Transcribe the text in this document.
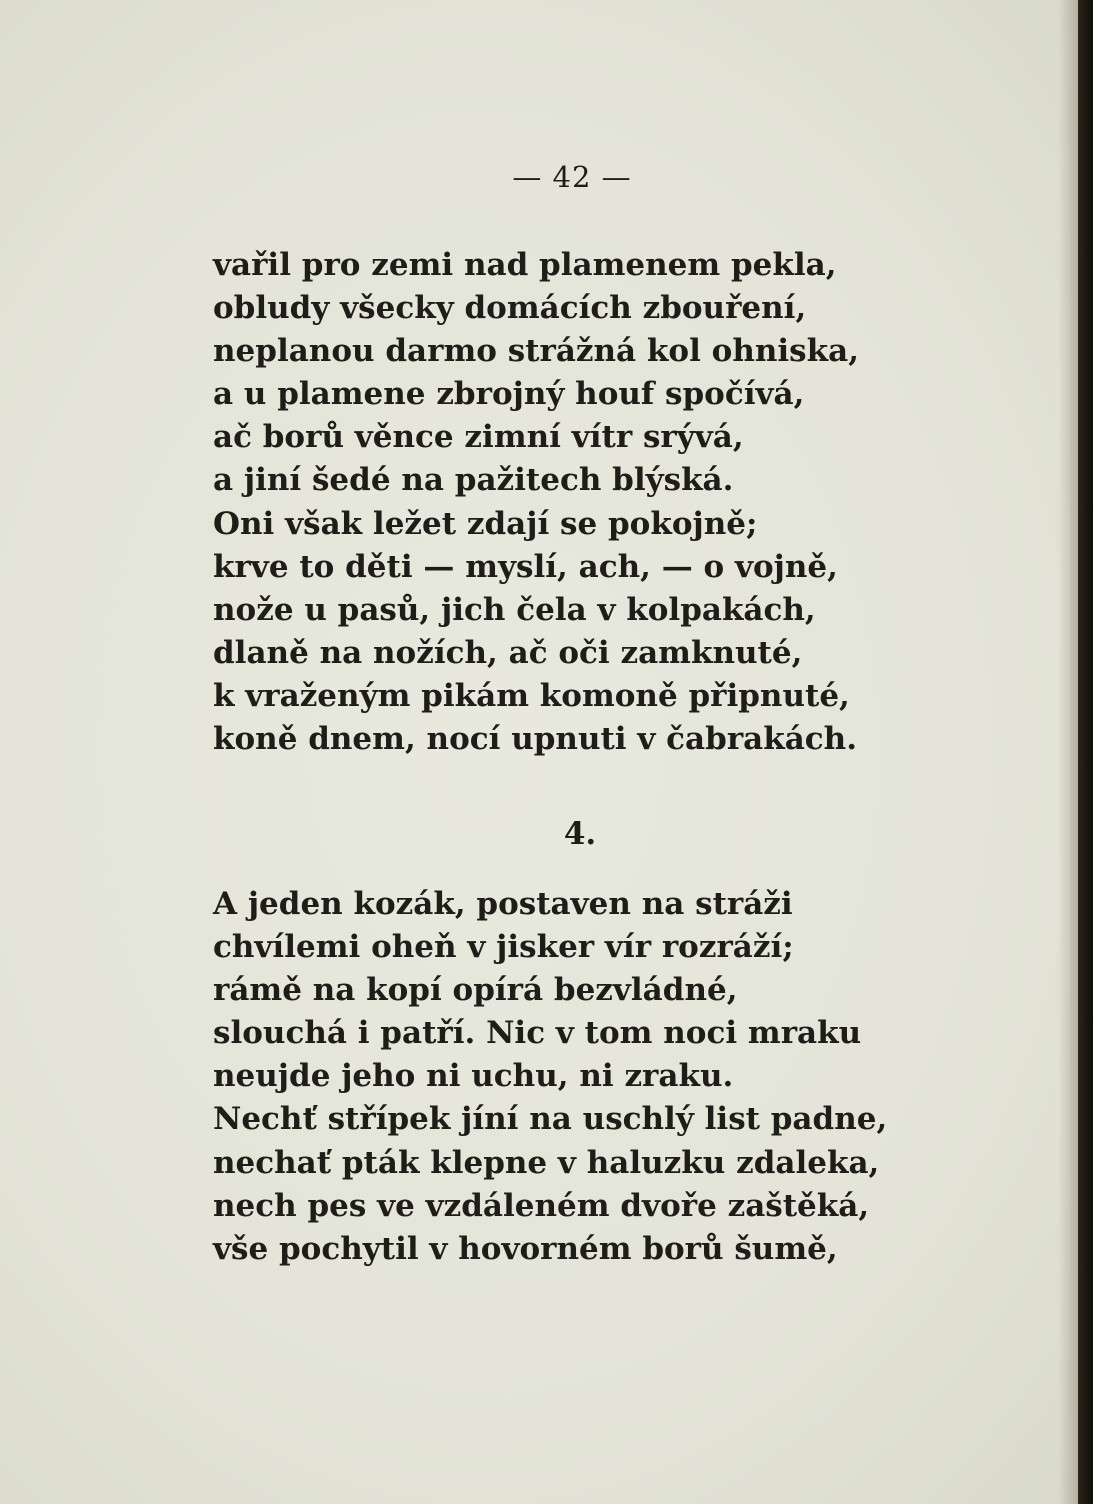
— 42 —
vařil pro zemi nad plamenem pekla,
obludy všecky domácích zbouření,
neplanou darmo strážná kol ohniska,
a u plamene zbrojný houf spočívá,
ač borů věnce zimní vítr srývá,
a jiní šedé na pažitech blýská.
Oni však ležet zdají se pokojně;
krve to děti — myslí, ach, — o vojně,
nože u pasů, jich čela v kolpakách,
dlaně na nožích, ač oči zamknuté,
k vraženým pikám komoně připnuté,
koně dnem, nocí upnuti v čabrakách.
4.
A jeden kozák, postaven na stráži
chvílemi oheň v jisker vír rozráží;
rámě na kopí opírá bezvládné,
slouchá i patří. Nic v tom noci mraku
neujde jeho ni uchu, ni zraku.
Nechť střípek jíní na uschlý list padne,
nechať pták klepne v haluzku zdaleka,
nech pes ve vzdáleném dvoře zaštěká,
vše pochytil v hovorném borů šumě,
